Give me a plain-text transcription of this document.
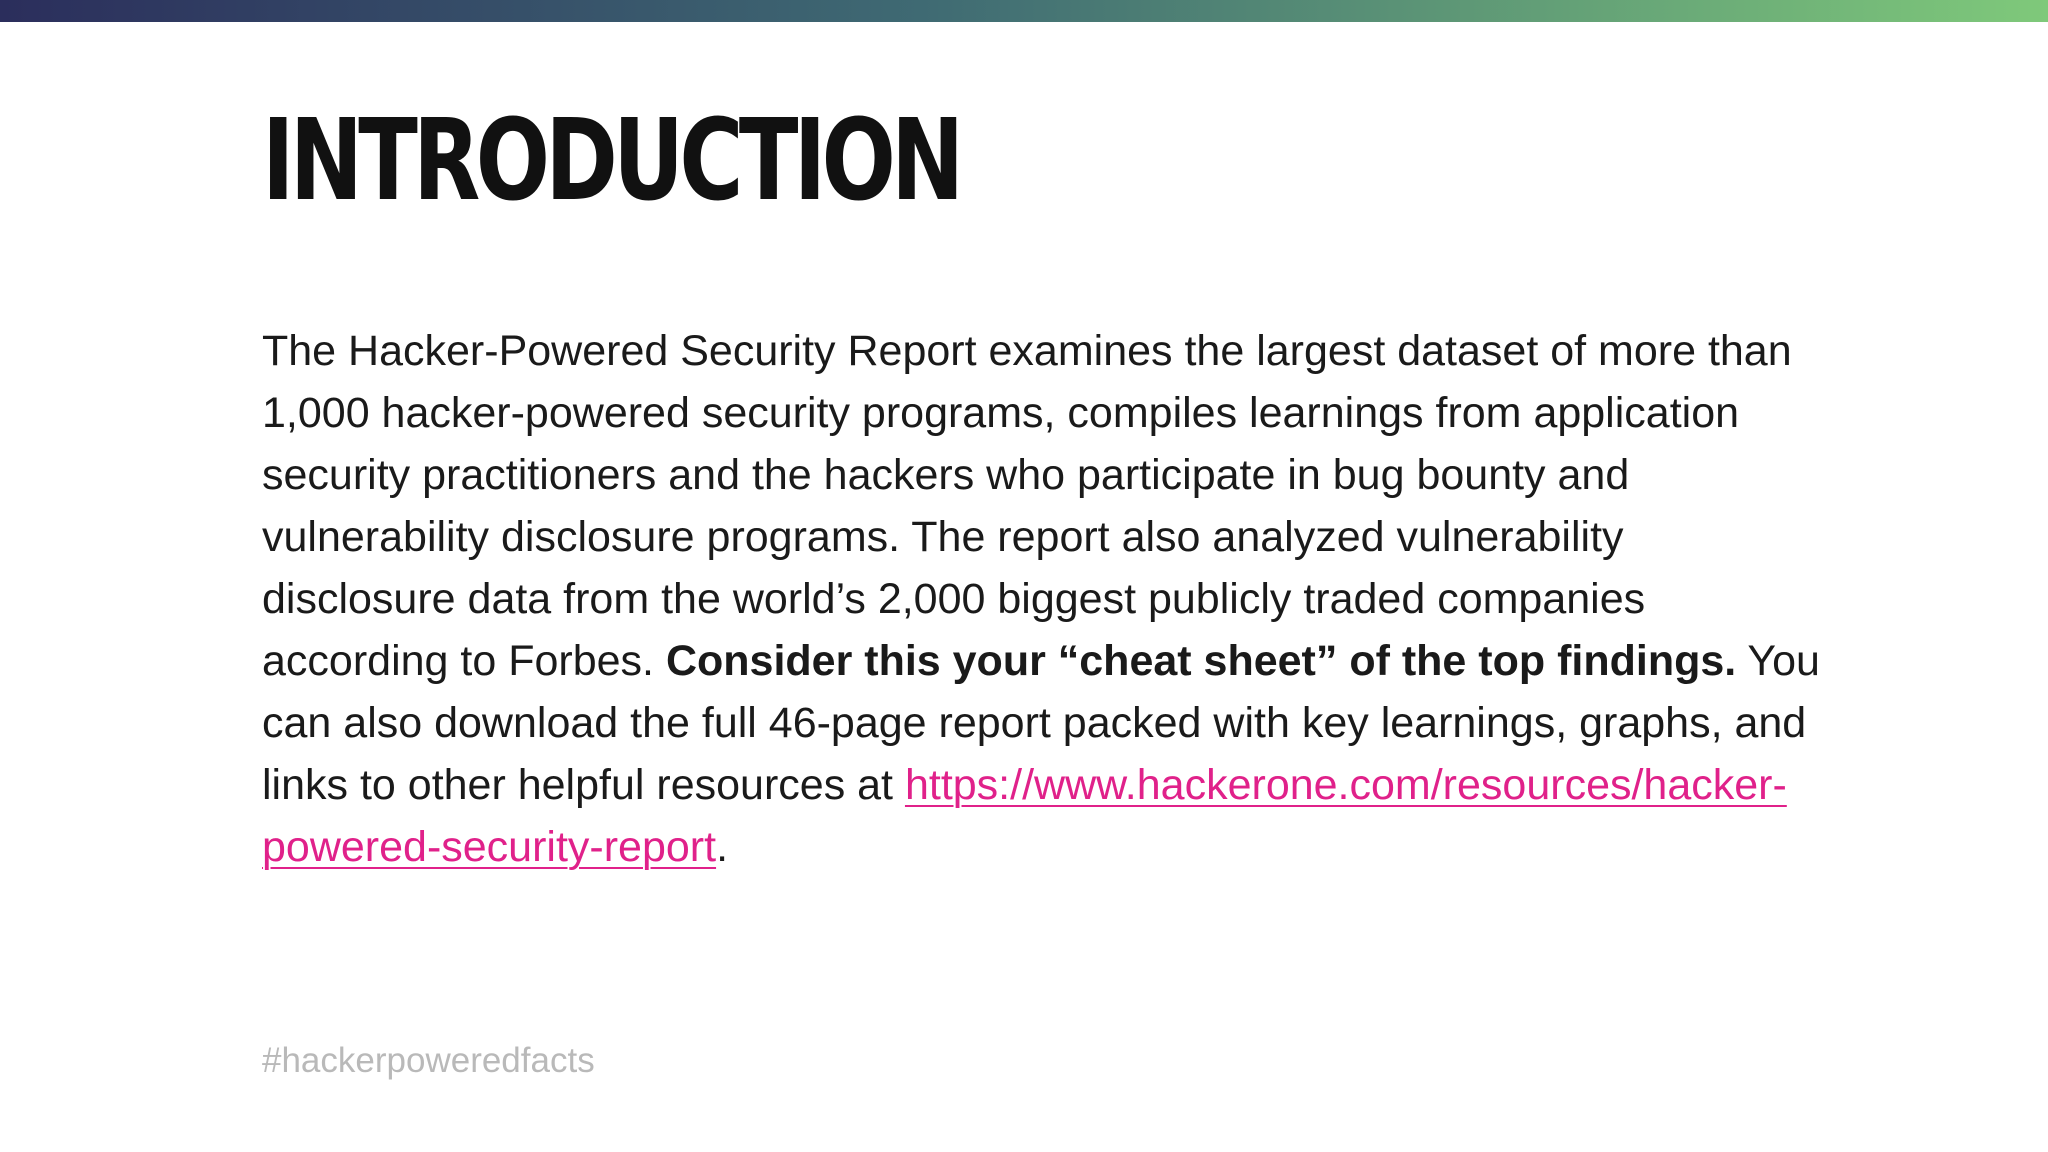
INTRODUCTION

The Hacker-Powered Security Report examines the largest dataset of more than 1,000 hacker-powered security programs, compiles learnings from application security practitioners and the hackers who participate in bug bounty and vulnerability disclosure programs. The report also analyzed vulnerability disclosure data from the world’s 2,000 biggest publicly traded companies according to Forbes. Consider this your “cheat sheet” of the top findings. You can also download the full 46-page report packed with key learnings, graphs, and links to other helpful resources at https://www.hackerone.com/resources/hacker-powered-security-report.

#hackerpoweredfacts
